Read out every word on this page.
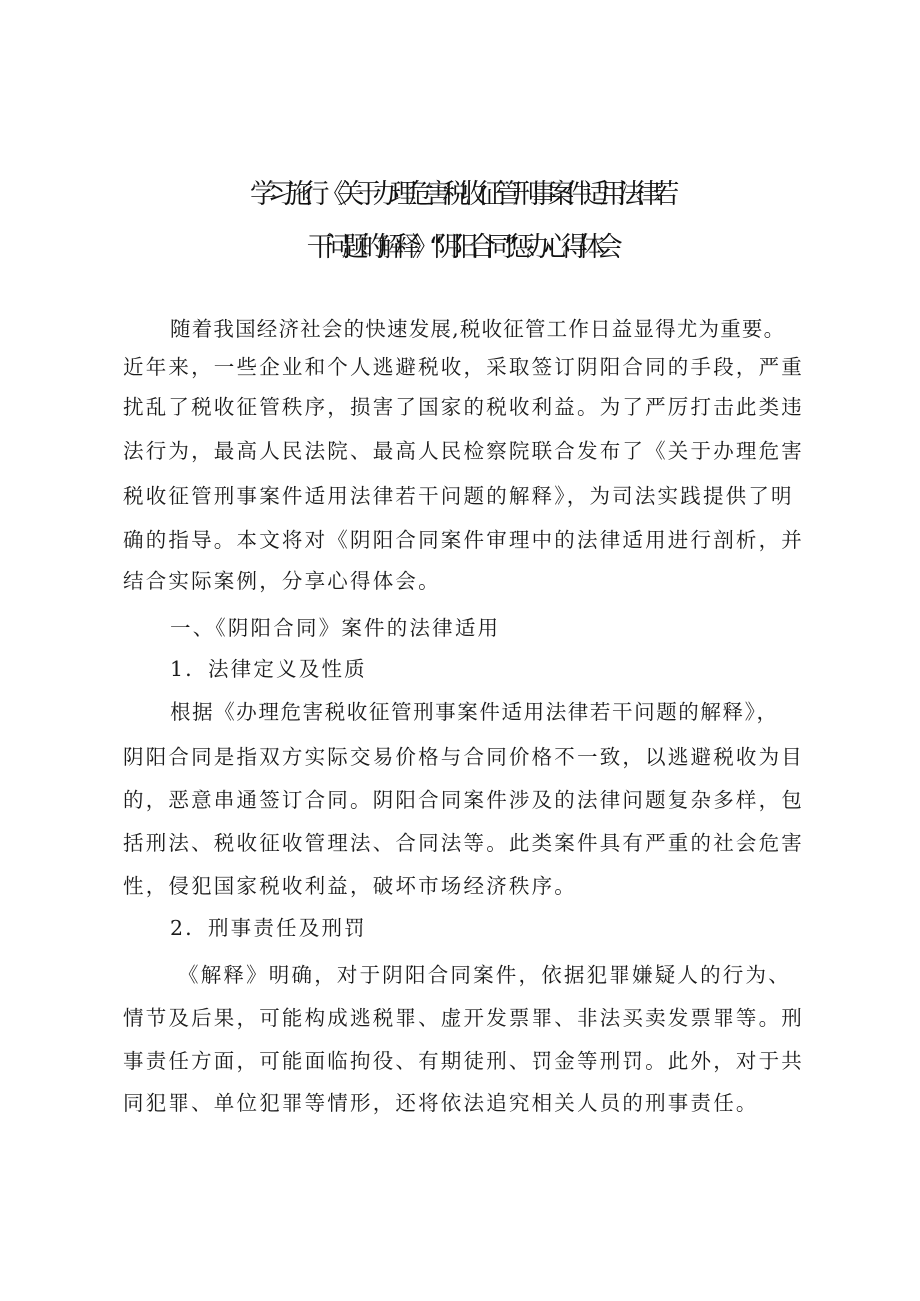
学习施行《关于办理危害税收征管刑事案件适用法律若
干问题的解释》“阴阳合同”惩办心得体会
随着我国经济社会的快速发展,税收征管工作日益显得尤为重要。
近年来，一些企业和个人逃避税收，采取签订阴阳合同的手段，严重
扰乱了税收征管秩序，损害了国家的税收利益。为了严厉打击此类违
法行为，最高人民法院、最高人民检察院联合发布了《关于办理危害
税收征管刑事案件适用法律若干问题的解释》，为司法实践提供了明
确的指导。本文将对《阴阳合同案件审理中的法律适用进行剖析，并
结合实际案例，分享心得体会。
一、《阴阳合同》案件的法律适用
1．法律定义及性质
根据《办理危害税收征管刑事案件适用法律若干问题的解释》，
阴阳合同是指双方实际交易价格与合同价格不一致，以逃避税收为目
的，恶意串通签订合同。阴阳合同案件涉及的法律问题复杂多样，包
括刑法、税收征收管理法、合同法等。此类案件具有严重的社会危害
性，侵犯国家税收利益，破坏市场经济秩序。
2．刑事责任及刑罚
《解释》明确，对于阴阳合同案件，依据犯罪嫌疑人的行为、
情节及后果，可能构成逃税罪、虚开发票罪、非法买卖发票罪等。刑
事责任方面，可能面临拘役、有期徒刑、罚金等刑罚。此外，对于共
同犯罪、单位犯罪等情形，还将依法追究相关人员的刑事责任。
